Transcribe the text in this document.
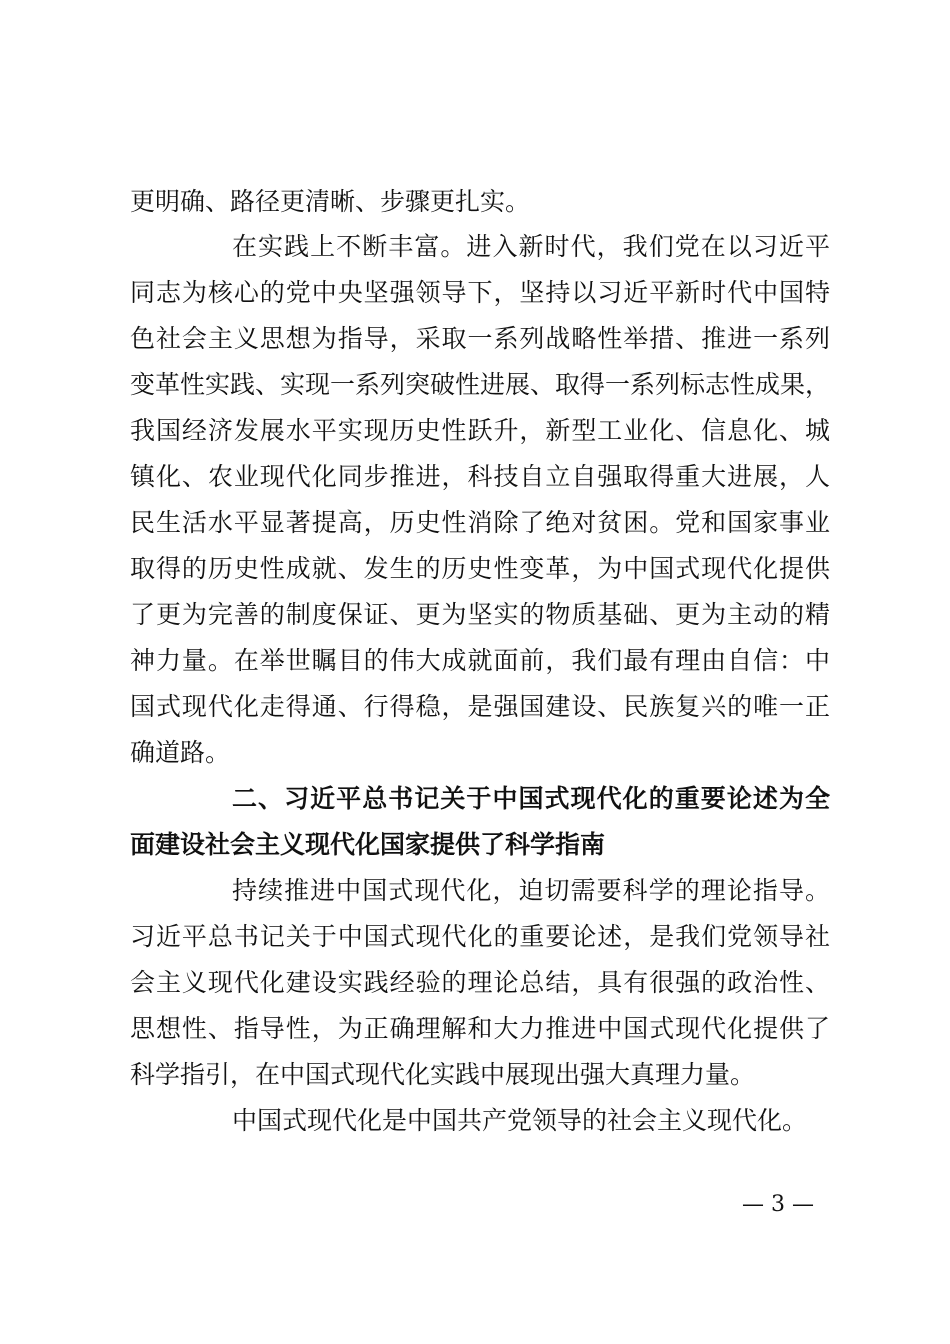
更明确、路径更清晰、步骤更扎实。
在实践上不断丰富。进入新时代，我们党在以习近平
同志为核心的党中央坚强领导下，坚持以习近平新时代中国特
色社会主义思想为指导，采取一系列战略性举措、推进一系列
变革性实践、实现一系列突破性进展、取得一系列标志性成果，
我国经济发展水平实现历史性跃升，新型工业化、信息化、城
镇化、农业现代化同步推进，科技自立自强取得重大进展，人
民生活水平显著提高，历史性消除了绝对贫困。党和国家事业
取得的历史性成就、发生的历史性变革，为中国式现代化提供
了更为完善的制度保证、更为坚实的物质基础、更为主动的精
神力量。在举世瞩目的伟大成就面前，我们最有理由自信：中
国式现代化走得通、行得稳，是强国建设、民族复兴的唯一正
确道路。
二、习近平总书记关于中国式现代化的重要论述为全
面建设社会主义现代化国家提供了科学指南
持续推进中国式现代化，迫切需要科学的理论指导。
习近平总书记关于中国式现代化的重要论述，是我们党领导社
会主义现代化建设实践经验的理论总结，具有很强的政治性、
思想性、指导性，为正确理解和大力推进中国式现代化提供了
科学指引，在中国式现代化实践中展现出强大真理力量。
中国式现代化是中国共产党领导的社会主义现代化。
— 3 —
